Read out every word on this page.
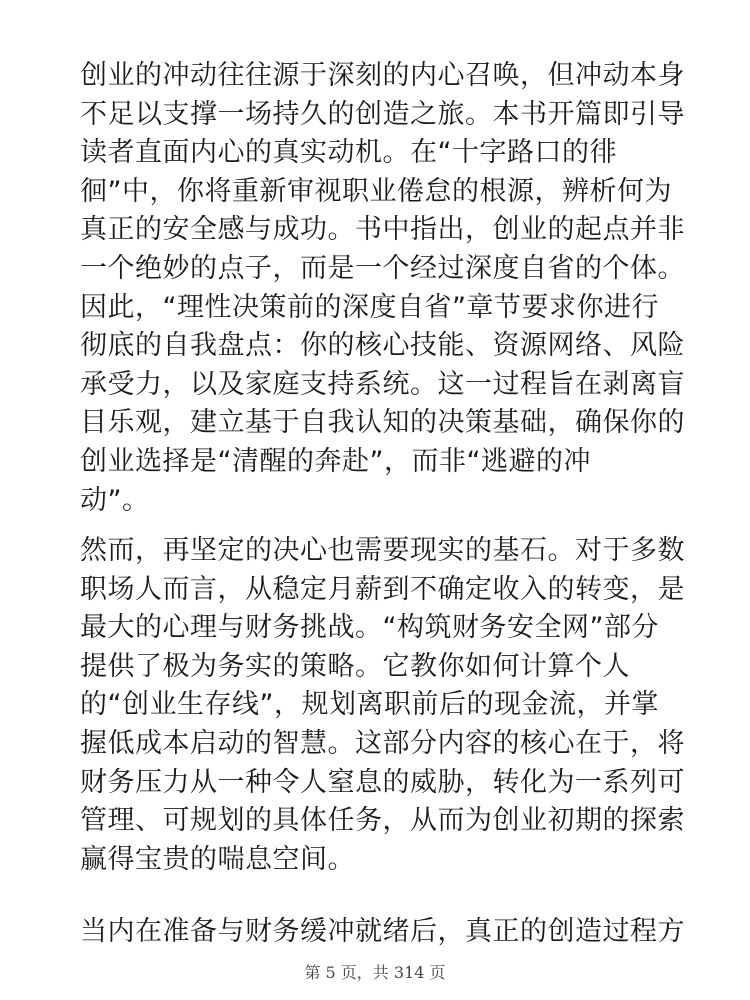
创业的冲动往往源于深刻的内心召唤，但冲动本身
不足以支撑一场持久的创造之旅。本书开篇即引导
读者直面内心的真实动机。在“十字路口的徘
徊”中，你将重新审视职业倦怠的根源，辨析何为
真正的安全感与成功。书中指出，创业的起点并非
一个绝妙的点子，而是一个经过深度自省的个体。
因此，“理性决策前的深度自省”章节要求你进行
彻底的自我盘点：你的核心技能、资源网络、风险
承受力，以及家庭支持系统。这一过程旨在剥离盲
目乐观，建立基于自我认知的决策基础，确保你的
创业选择是“清醒的奔赴”，而非“逃避的冲
动”。
然而，再坚定的决心也需要现实的基石。对于多数
职场人而言，从稳定月薪到不确定收入的转变，是
最大的心理与财务挑战。“构筑财务安全网”部分
提供了极为务实的策略。它教你如何计算个人
的“创业生存线”，规划离职前后的现金流，并掌
握低成本启动的智慧。这部分内容的核心在于，将
财务压力从一种令人窒息的威胁，转化为一系列可
管理、可规划的具体任务，从而为创业初期的探索
赢得宝贵的喘息空间。
当内在准备与财务缓冲就绪后，真正的创造过程方
第 5 页，共 314 页
